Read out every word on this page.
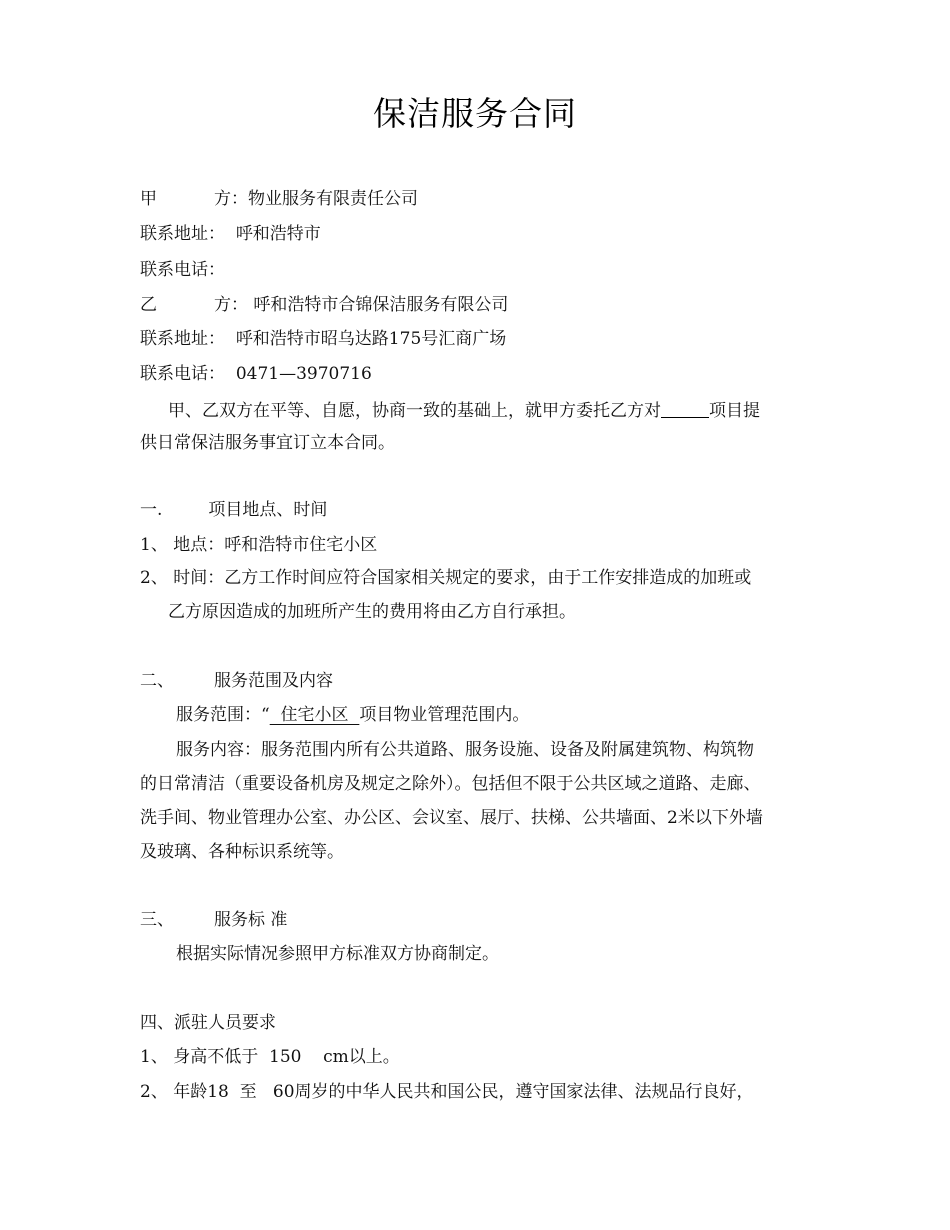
保洁服务合同
甲	方：物业服务有限责任公司
联系地址： 呼和浩特市
联系电话：
乙	方： 呼和浩特市合锦保洁服务有限公司
联系地址： 呼和浩特市昭乌达路175号汇商广场
联系电话： 0471—3970716
甲、乙双方在平等、自愿，协商一致的基础上，就甲方委托乙方对	项目提
供日常保洁服务事宜订立本合同。
一.	项目地点、时间
1、 地点：呼和浩特市住宅小区
2、 时间：乙方工作时间应符合国家相关规定的要求，由于工作安排造成的加班或
乙方原因造成的加班所产生的费用将由乙方自行承担。
二、 服务范围及内容
服务范围：“  住宅小区  项目物业管理范围内。
服务内容：服务范围内所有公共道路、服务设施、设备及附属建筑物、构筑物
的日常清洁（重要设备机房及规定之除外）。包括但不限于公共区域之道路、走廊、
洗手间、物业管理办公室、办公区、会议室、展厅、扶梯、公共墙面、2米以下外墙
及玻璃、各种标识系统等。
三、 服务标 准
根据实际情况参照甲方标准双方协商制定。
四、派驻人员要求
1、 身高不低于  150    cm以上。
2、 年龄18  至   60周岁的中华人民共和国公民，遵守国家法律、法规品行良好，
